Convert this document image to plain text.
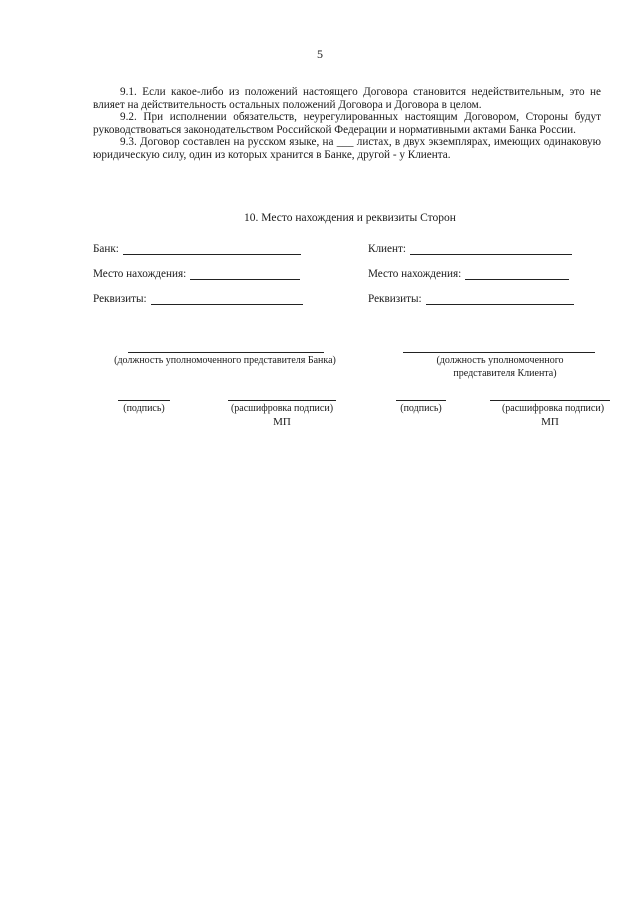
5

9.1. Если какое-либо из положений настоящего Договора становится недействительным, это не влияет на действительность остальных положений Договора и Договора в целом.

9.2. При исполнении обязательств, неурегулированных настоящим Договором, Стороны будут руководствоваться законодательством Российской Федерации и нормативными актами Банка России.

9.3. Договор составлен на русском языке, на ___ листах, в двух экземплярах, имеющих одинаковую юридическую силу, один из которых хранится в Банке, другой - у Клиента.

10. Место нахождения и реквизиты Сторон
Банк:
Место нахождения:
Реквизиты:
Клиент:
Место нахождения:
Реквизиты:
(должность уполномоченного представителя Банка)	(должность уполномоченного
представителя Клиента)
(подпись)	(расшифровка подписи)
МП
(подпись)	(расшифровка подписи)
МП
